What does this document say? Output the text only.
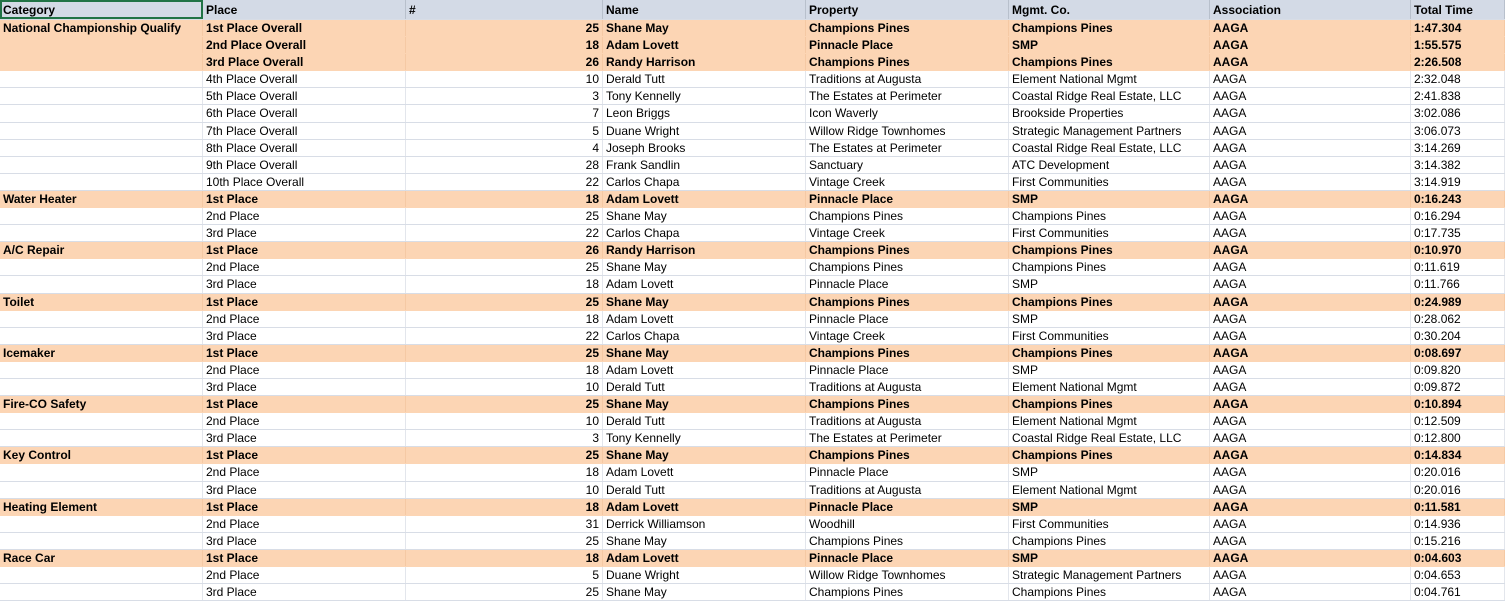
Category	Place	#	Name	Property	Mgmt. Co.	Association	Total Time
National Championship Qualify	1st Place Overall	25 Shane May	Champions Pines	Champions Pines	AAGA	1:47.304
2nd Place Overall	18 Adam Lovett	Pinnacle Place	SMP	AAGA	1:55.575
3rd Place Overall	26 Randy Harrison	Champions Pines	Champions Pines	AAGA	2:26.508
4th Place Overall	10 Derald Tutt	Traditions at Augusta	Element National Mgmt	AAGA	2:32.048
5th Place Overall	3 Tony Kennelly	The Estates at Perimeter	Coastal Ridge Real Estate, LLC	AAGA	2:41.838
6th Place Overall	7 Leon Briggs	Icon Waverly	Brookside Properties	AAGA	3:02.086
7th Place Overall	5 Duane Wright	Willow Ridge Townhomes	Strategic Management Partners	AAGA	3:06.073
8th Place Overall	4 Joseph Brooks	The Estates at Perimeter	Coastal Ridge Real Estate, LLC	AAGA	3:14.269
9th Place Overall	28 Frank Sandlin	Sanctuary	ATC Development	AAGA	3:14.382
10th Place Overall	22 Carlos Chapa	Vintage Creek	First Communities	AAGA	3:14.919
Water Heater	1st Place	18 Adam Lovett	Pinnacle Place	SMP	AAGA	0:16.243
2nd Place	25 Shane May	Champions Pines	Champions Pines	AAGA	0:16.294
3rd Place	22 Carlos Chapa	Vintage Creek	First Communities	AAGA	0:17.735
A/C Repair	1st Place	26 Randy Harrison	Champions Pines	Champions Pines	AAGA	0:10.970
2nd Place	25 Shane May	Champions Pines	Champions Pines	AAGA	0:11.619
3rd Place	18 Adam Lovett	Pinnacle Place	SMP	AAGA	0:11.766
Toilet	1st Place	25 Shane May	Champions Pines	Champions Pines	AAGA	0:24.989
2nd Place	18 Adam Lovett	Pinnacle Place	SMP	AAGA	0:28.062
3rd Place	22 Carlos Chapa	Vintage Creek	First Communities	AAGA	0:30.204
Icemaker	1st Place	25 Shane May	Champions Pines	Champions Pines	AAGA	0:08.697
2nd Place	18 Adam Lovett	Pinnacle Place	SMP	AAGA	0:09.820
3rd Place	10 Derald Tutt	Traditions at Augusta	Element National Mgmt	AAGA	0:09.872
Fire-CO Safety	1st Place	25 Shane May	Champions Pines	Champions Pines	AAGA	0:10.894
2nd Place	10 Derald Tutt	Traditions at Augusta	Element National Mgmt	AAGA	0:12.509
3rd Place	3 Tony Kennelly	The Estates at Perimeter	Coastal Ridge Real Estate, LLC	AAGA	0:12.800
Key Control	1st Place	25 Shane May	Champions Pines	Champions Pines	AAGA	0:14.834
2nd Place	18 Adam Lovett	Pinnacle Place	SMP	AAGA	0:20.016
3rd Place	10 Derald Tutt	Traditions at Augusta	Element National Mgmt	AAGA	0:20.016
Heating Element	1st Place	18 Adam Lovett	Pinnacle Place	SMP	AAGA	0:11.581
2nd Place	31 Derrick Williamson	Woodhill	First Communities	AAGA	0:14.936
3rd Place	25 Shane May	Champions Pines	Champions Pines	AAGA	0:15.216
Race Car	1st Place	18 Adam Lovett	Pinnacle Place	SMP	AAGA	0:04.603
2nd Place	5 Duane Wright	Willow Ridge Townhomes	Strategic Management Partners	AAGA	0:04.653
3rd Place	25 Shane May	Champions Pines	Champions Pines	AAGA	0:04.761
